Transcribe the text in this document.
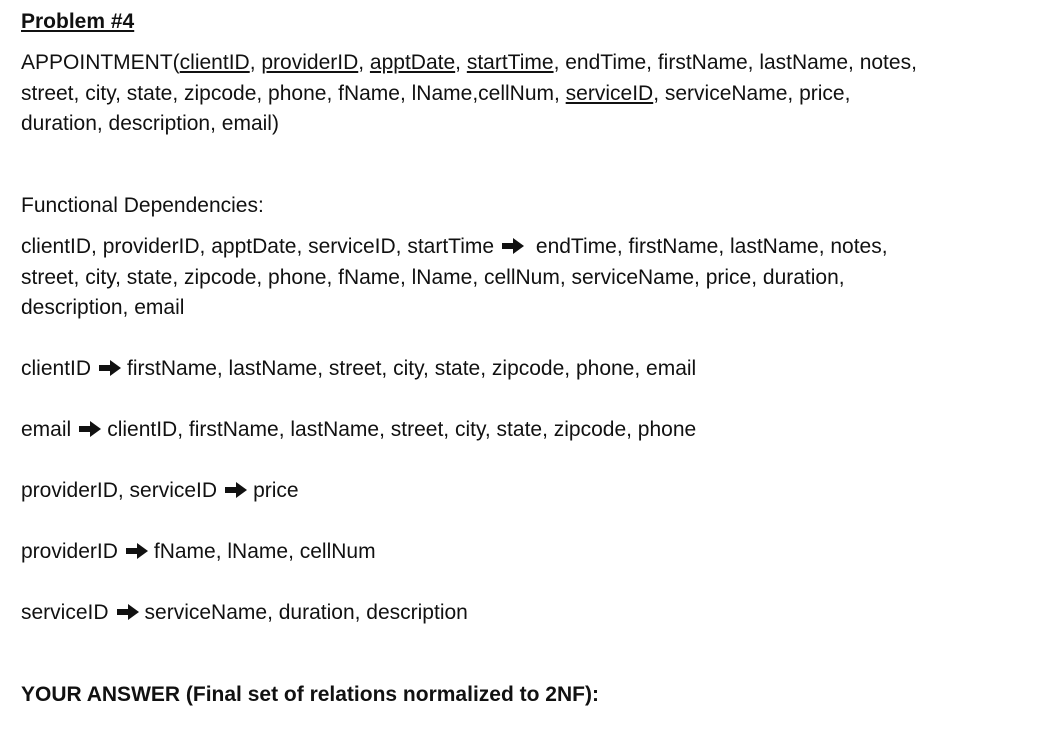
Problem #4
APPOINTMENT(clientID, providerID, apptDate, startTime, endTime, firstName, lastName, notes,
street, city, state, zipcode, phone, fName, lName,cellNum, serviceID, serviceName, price,
duration, description, email)
Functional Dependencies:
clientID, providerID, apptDate, serviceID, startTime endTime, firstName, lastName, notes,
street, city, state, zipcode, phone, fName, lName, cellNum, serviceName, price, duration,
description, email
clientID firstName, lastName, street, city, state, zipcode, phone, email
email clientID, firstName, lastName, street, city, state, zipcode, phone
providerID, serviceID price
providerID fName, lName, cellNum
serviceID serviceName, duration, description
YOUR ANSWER (Final set of relations normalized to 2NF):
